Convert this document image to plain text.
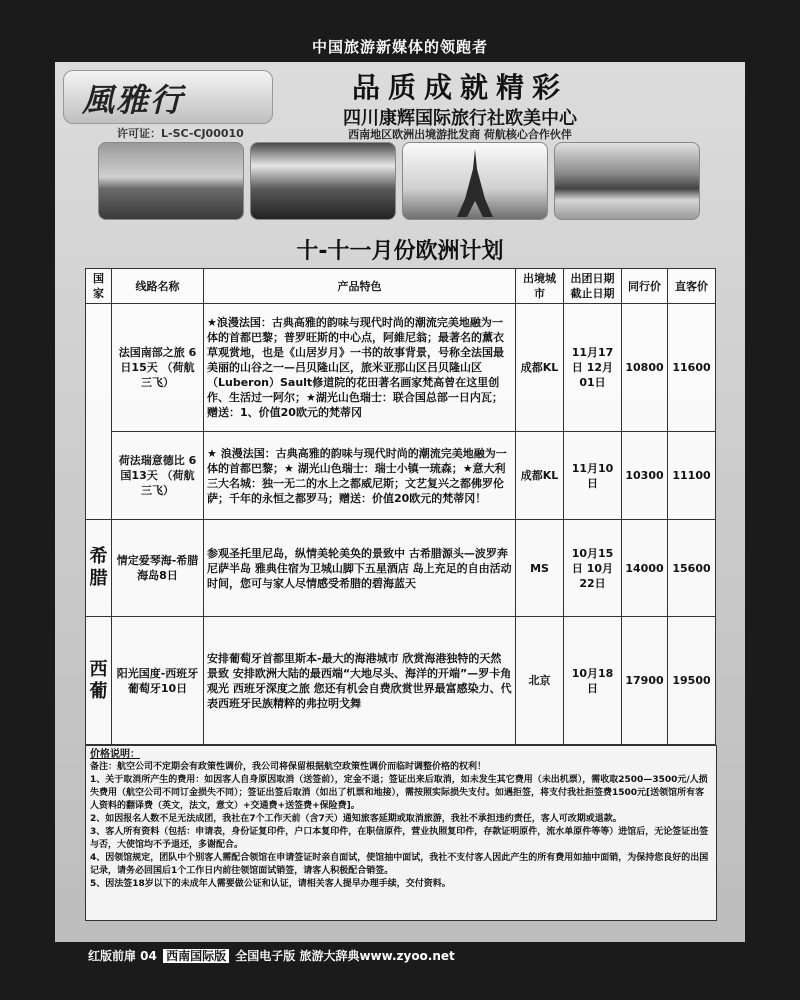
中国旅游新媒体的领跑者
風雅行
许可证：L-SC-CJ00010
品质成就精彩
四川康辉国际旅行社欧美中心
西南地区欧洲出境游批发商 荷航核心合作伙伴
十-十一月份欧洲计划
国家	线路名称	产品特色	出境城市	出团日期截止日期	同行价	直客价
	法国南部之旅 6日15天 （荷航三飞）	★浪漫法国：古典高雅的韵味与现代时尚的潮流完美地融为一体的首都巴黎；普罗旺斯的中心点，阿維尼翁；最著名的薰衣草观赏地，也是《山居岁月》一书的故事背景，号称全法国最美丽的山谷之一—吕贝隆山区，旅米亚那山区吕贝隆山区（Luberon）Sault修道院的花田著名画家梵高曾在这里创作、生活过一阿尔；★湖光山色瑞士：联合国总部一日内瓦；赠送：1、价值20欧元的梵蒂冈	成都KL	11月17日 12月01日	10800	11600
	荷法瑞意德比 6国13天 （荷航三飞）	★ 浪漫法国：古典高雅的韵味与现代时尚的潮流完美地融为一体的首都巴黎；★ 湖光山色瑞士：瑞士小镇一琉森；★意大利三大名城：独一无二的水上之都威尼斯；文艺复兴之都佛罗伦萨；千年的永恒之都罗马；赠送：价值20欧元的梵蒂冈！	成都KL	11月10日	10300	11100
希腊	情定爱琴海-希腊海岛8日	参观圣托里尼岛，纵情美轮美奂的景致中 古希腊源头—波罗奔尼萨半岛 雅典住宿为卫城山脚下五星酒店 岛上充足的自由活动时间，您可与家人尽情感受希腊的碧海蓝天	MS	10月15日 10月22日	14000	15600
西葡	阳光国度-西班牙葡萄牙10日	安排葡萄牙首都里斯本-最大的海港城市 欣赏海港独特的天然景致 安排欧洲大陆的最西端“大地尽头、海洋的开端”—罗卡角观光 西班牙深度之旅 您还有机会自费欣赏世界最富感染力、代表西班牙民族精粹的弗拉明戈舞	北京	10月18日	17900	19500
价格说明：
备注：航空公司不定期会有政策性调价，我公司将保留根据航空政策性调价而临时调整价格的权利！
1、关于取消所产生的费用：如因客人自身原因取消（送签前），定金不退；签证出来后取消，如未发生其它费用（未出机票），需收取2500—3500元/人损失费用（航空公司不同订金损失不同）；签证出签后取消（如出了机票和地接），需按照实际损失支付。如遇拒签，将支付我社拒签费1500元[送领馆所有客人资料的翻译费（英文，法文，意文）+交通费+送签费+保险费]。
2、如因报名人数不足无法成团，我社在7个工作天前（含7天）通知旅客延期或取消旅游，我社不承担违约责任，客人可改期或退款。
3、客人所有资料（包括：申请表，身份证复印件，户口本复印件，在职信原件，营业执照复印件，存款证明原件，流水单原件等等）进馆后，无论签证出签与否，大使馆均不予退还，多谢配合。
4、因领馆规定，团队中个别客人需配合领馆在申请签证时亲自面试，使馆抽中面试，我社不支付客人因此产生的所有费用如抽中面销，为保持您良好的出国记录，请务必回国后1个工作日内前往领馆面试销签，请客人积极配合销签。
5、因法签18岁以下的未成年人需要做公证和认证，请相关客人提早办理手续，交付资料。
红版前扉 04 西南国际版 全国电子版 旅游大辞典www.zyoo.net
